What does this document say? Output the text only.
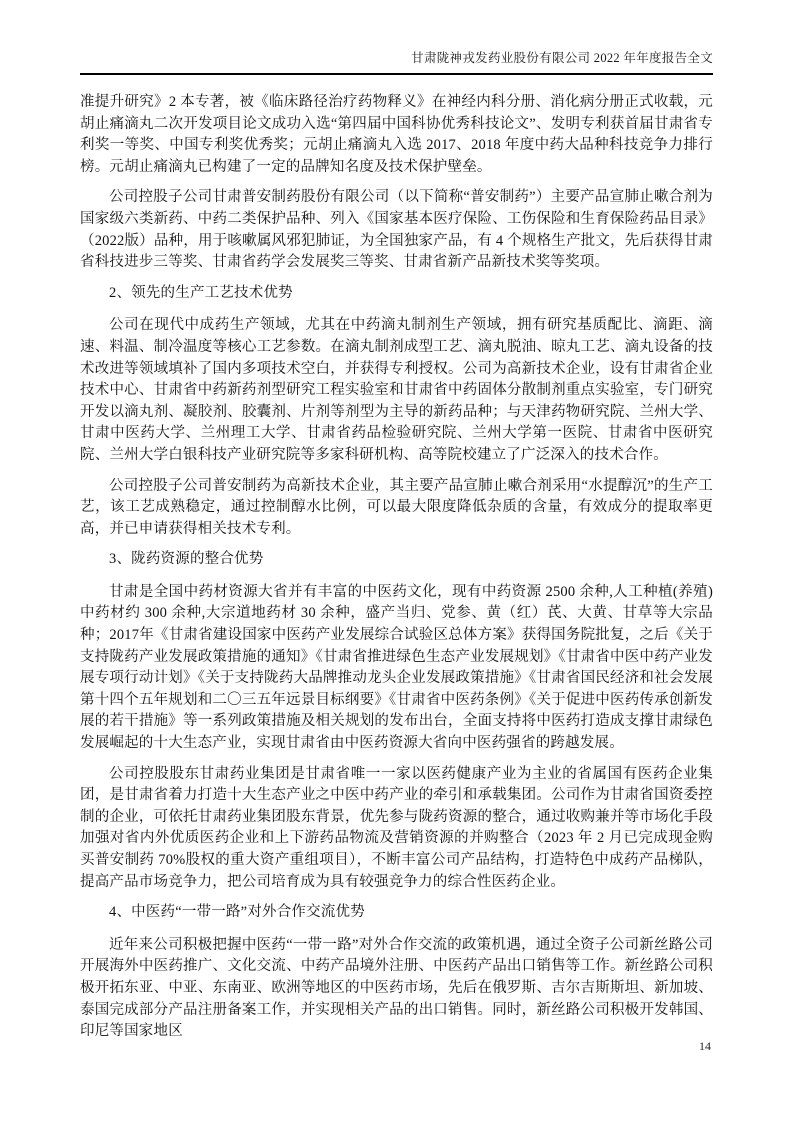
甘肃陇神戎发药业股份有限公司 2022 年年度报告全文

准提升研究》2 本专著，被《临床路径治疗药物释义》在神经内科分册、消化病分册正式收载，元胡止痛滴丸二次开发项目论文成功入选“第四届中国科协优秀科技论文”、发明专利获首届甘肃省专利奖一等奖、中国专利奖优秀奖；元胡止痛滴丸入选 2017、2018 年度中药大品种科技竞争力排行榜。元胡止痛滴丸已构建了一定的品牌知名度及技术保护壁垒。

公司控股子公司甘肃普安制药股份有限公司（以下简称“普安制药”）主要产品宣肺止嗽合剂为国家级六类新药、中药二类保护品种、列入《国家基本医疗保险、工伤保险和生育保险药品目录》（2022版）品种，用于咳嗽属风邪犯肺证，为全国独家产品，有 4 个规格生产批文，先后获得甘肃省科技进步三等奖、甘肃省药学会发展奖三等奖、甘肃省新产品新技术奖等奖项。

2、领先的生产工艺技术优势

公司在现代中成药生产领域，尤其在中药滴丸制剂生产领域，拥有研究基质配比、滴距、滴速、料温、制冷温度等核心工艺参数。在滴丸制剂成型工艺、滴丸脱油、晾丸工艺、滴丸设备的技术改进等领域填补了国内多项技术空白，并获得专利授权。公司为高新技术企业，设有甘肃省企业技术中心、甘肃省中药新药剂型研究工程实验室和甘肃省中药固体分散制剂重点实验室，专门研究开发以滴丸剂、凝胶剂、胶囊剂、片剂等剂型为主导的新药品种；与天津药物研究院、兰州大学、甘肃中医药大学、兰州理工大学、甘肃省药品检验研究院、兰州大学第一医院、甘肃省中医研究院、兰州大学白银科技产业研究院等多家科研机构、高等院校建立了广泛深入的技术合作。

公司控股子公司普安制药为高新技术企业，其主要产品宣肺止嗽合剂采用“水提醇沉”的生产工艺，该工艺成熟稳定，通过控制醇水比例，可以最大限度降低杂质的含量，有效成分的提取率更高，并已申请获得相关技术专利。

3、陇药资源的整合优势

甘肃是全国中药材资源大省并有丰富的中医药文化，现有中药资源 2500 余种,人工种植(养殖)中药材约 300 余种,大宗道地药材 30 余种，盛产当归、党参、黄（红）芪、大黄、甘草等大宗品种；2017年《甘肃省建设国家中医药产业发展综合试验区总体方案》获得国务院批复，之后《关于支持陇药产业发展政策措施的通知》《甘肃省推进绿色生态产业发展规划》《甘肃省中医中药产业发展专项行动计划》《关于支持陇药大品牌推动龙头企业发展政策措施》《甘肃省国民经济和社会发展第十四个五年规划和二〇三五年远景目标纲要》《甘肃省中医药条例》《关于促进中医药传承创新发展的若干措施》等一系列政策措施及相关规划的发布出台，全面支持将中医药打造成支撑甘肃绿色发展崛起的十大生态产业，实现甘肃省由中医药资源大省向中医药强省的跨越发展。

公司控股股东甘肃药业集团是甘肃省唯一一家以医药健康产业为主业的省属国有医药企业集团，是甘肃省着力打造十大生态产业之中医中药产业的牵引和承载集团。公司作为甘肃省国资委控制的企业，可依托甘肃药业集团股东背景，优先参与陇药资源的整合，通过收购兼并等市场化手段加强对省内外优质医药企业和上下游药品物流及营销资源的并购整合（2023 年 2 月已完成现金购买普安制药 70%股权的重大资产重组项目），不断丰富公司产品结构，打造特色中成药产品梯队，提高产品市场竞争力，把公司培育成为具有较强竞争力的综合性医药企业。

4、中医药“一带一路”对外合作交流优势

近年来公司积极把握中医药“一带一路”对外合作交流的政策机遇，通过全资子公司新丝路公司开展海外中医药推广、文化交流、中药产品境外注册、中医药产品出口销售等工作。新丝路公司积极开拓东亚、中亚、东南亚、欧洲等地区的中医药市场，先后在俄罗斯、吉尔吉斯斯坦、新加坡、泰国完成部分产品注册备案工作，并实现相关产品的出口销售。同时，新丝路公司积极开发韩国、印尼等国家地区

14
